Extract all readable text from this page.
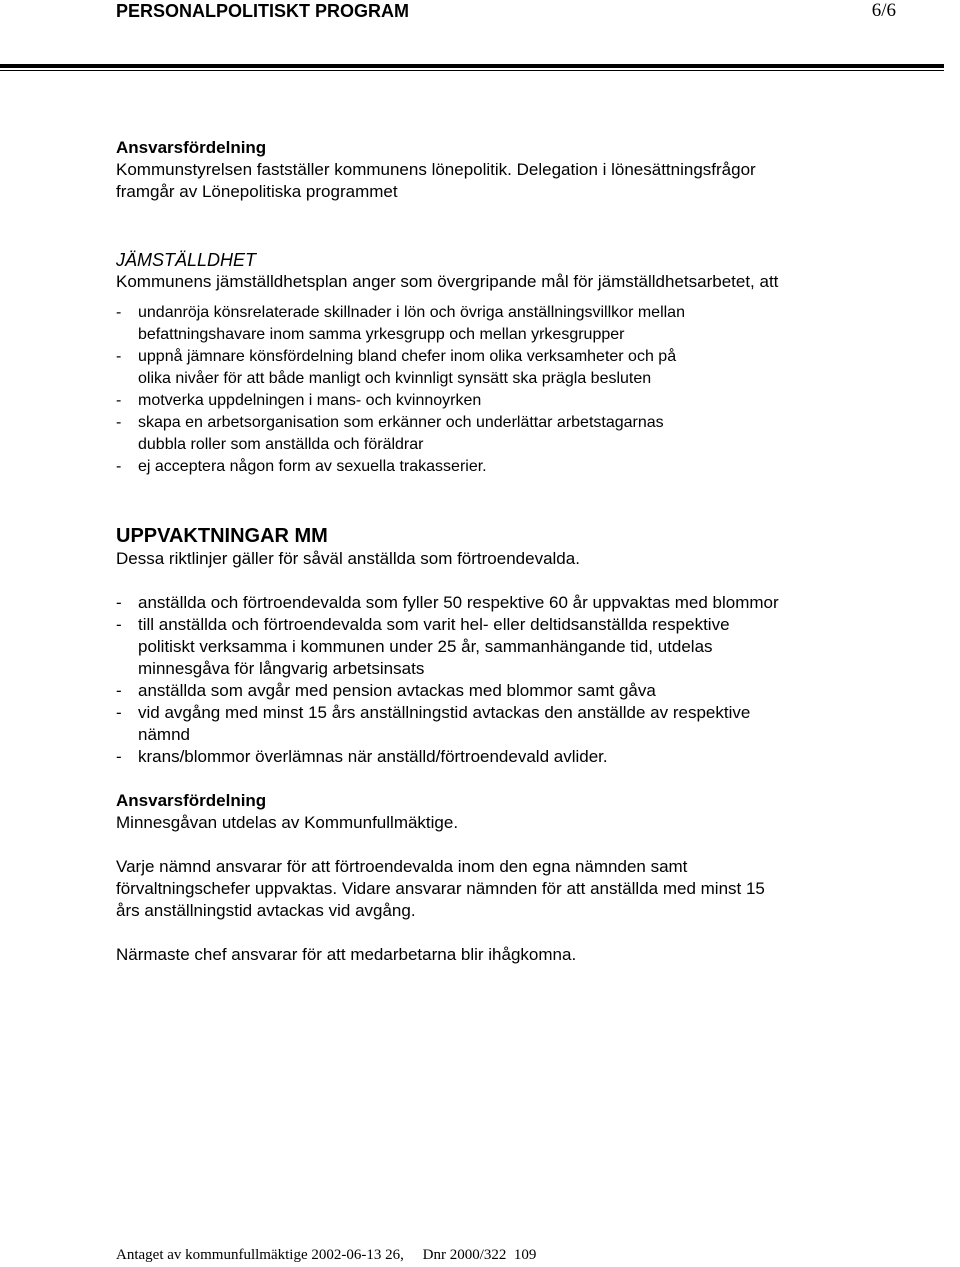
PERSONALPOLITISKT PROGRAM	6/6

Ansvarsfördelning

Kommunstyrelsen fastställer kommunens lönepolitik. Delegation i lönesättningsfrågor

framgår av Lönepolitiska programmet

JÄMSTÄLLDHET

Kommunens jämställdhetsplan anger som övergripande mål för jämställdhetsarbetet, att

- undanröja könsrelaterade skillnader i lön och övriga anställningsvillkor mellan
befattningshavare inom samma yrkesgrupp och mellan yrkesgrupper
- uppnå jämnare könsfördelning bland chefer inom olika verksamheter och på
olika nivåer för att både manligt och kvinnligt synsätt ska prägla besluten
- motverka uppdelningen i mans- och kvinnoyrken
- skapa en arbetsorganisation som erkänner och underlättar arbetstagarnas
dubbla roller som anställda och föräldrar
- ej acceptera någon form av sexuella trakasserier.

UPPVAKTNINGAR MM

Dessa riktlinjer gäller för såväl anställda som förtroendevalda.

- anställda och förtroendevalda som fyller 50 respektive 60 år uppvaktas med blommor
- till anställda och förtroendevalda som varit hel- eller deltidsanställda respektive
politiskt verksamma i kommunen under 25 år, sammanhängande tid, utdelas
minnesgåva för långvarig arbetsinsats
- anställda som avgår med pension avtackas med blommor samt gåva
- vid avgång med minst 15 års anställningstid avtackas den anställde av respektive
nämnd
- krans/blommor överlämnas när anställd/förtroendevald avlider.

Ansvarsfördelning

Minnesgåvan utdelas av Kommunfullmäktige.

Varje nämnd ansvarar för att förtroendevalda inom den egna nämnden samt

förvaltningschefer uppvaktas. Vidare ansvarar nämnden för att anställda med minst 15

års anställningstid avtackas vid avgång.

Närmaste chef ansvarar för att medarbetarna blir ihågkomna.

Antaget av kommunfullmäktige 2002-06-13 26,     Dnr 2000/322  109
